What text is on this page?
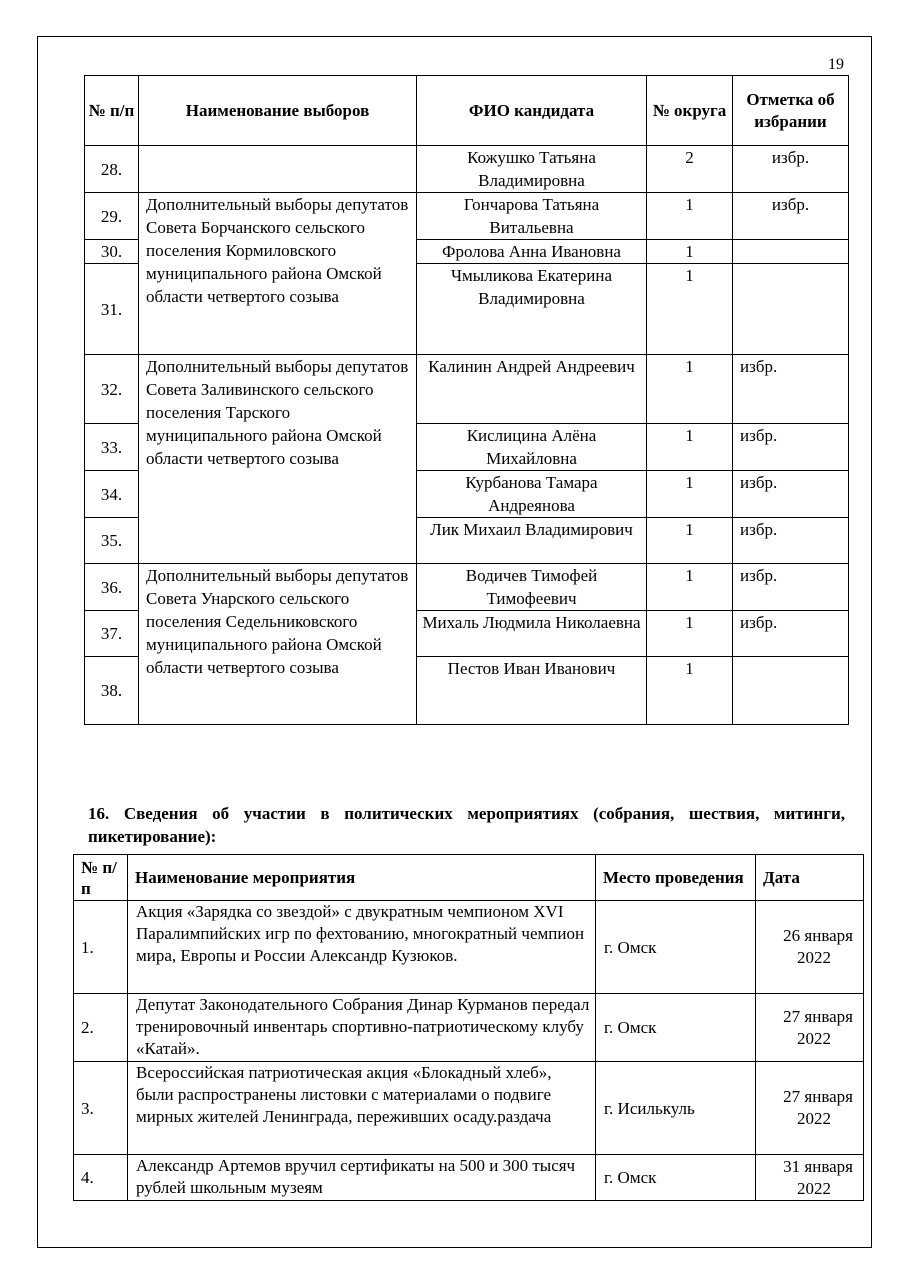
19
№ п/п	Наименование выборов	ФИО кандидата	№ округа	Отметка об избрании
28.		Кожушко Татьяна Владимировна	2	избр.
29.	Дополнительный выборы депутатов Совета Борчанского сельского поселения Кормиловского муниципального района Омской области четвертого созыва	Гончарова Татьяна Витальевна	1	избр.
30.		Фролова Анна Ивановна	1	
31.		Чмыликова Екатерина Владимировна	1	
32.	Дополнительный выборы депутатов Совета Заливинского сельского поселения Тарского муниципального района Омской области четвертого созыва	Калинин Андрей Андреевич	1	избр.
33.		Кислицина Алёна Михайловна	1	избр.
34.		Курбанова Тамара Андреянова	1	избр.
35.		Лик Михаил Владимирович	1	избр.
36.	Дополнительный выборы депутатов Совета Унарского сельского поселения Седельниковского муниципального района Омской области четвертого созыва	Водичев Тимофей Тимофеевич	1	избр.
37.		Михаль Людмила Николаевна	1	избр.
38.		Пестов Иван Иванович	1	
16. Сведения об участии в политических мероприятиях (собрания, шествия, митинги, пикетирование):
№ п/п	Наименование мероприятия	Место проведения	Дата
1.	Акция «Зарядка со звездой» с двукратным чемпионом XVI Паралимпийских игр по фехтованию, многократный чемпион мира, Европы и России Александр Кузюков.	г. Омск	26 января
2022

2.	Депутат Законодательного Собрания Динар Курманов передал тренировочный инвентарь спортивно-патриотическому клубу «Катай».	г. Омск	27 января
2022

3.	Всероссийская патриотическая акция «Блокадный хлеб», были распространены листовки с материалами о подвиге мирных жителей Ленинграда, переживших осаду.раздача	г. Исилькуль	27 января
2022

4.	Александр Артемов вручил сертификаты на 500 и 300 тысяч рублей школьным музеям	г. Омск	31 января
2022
